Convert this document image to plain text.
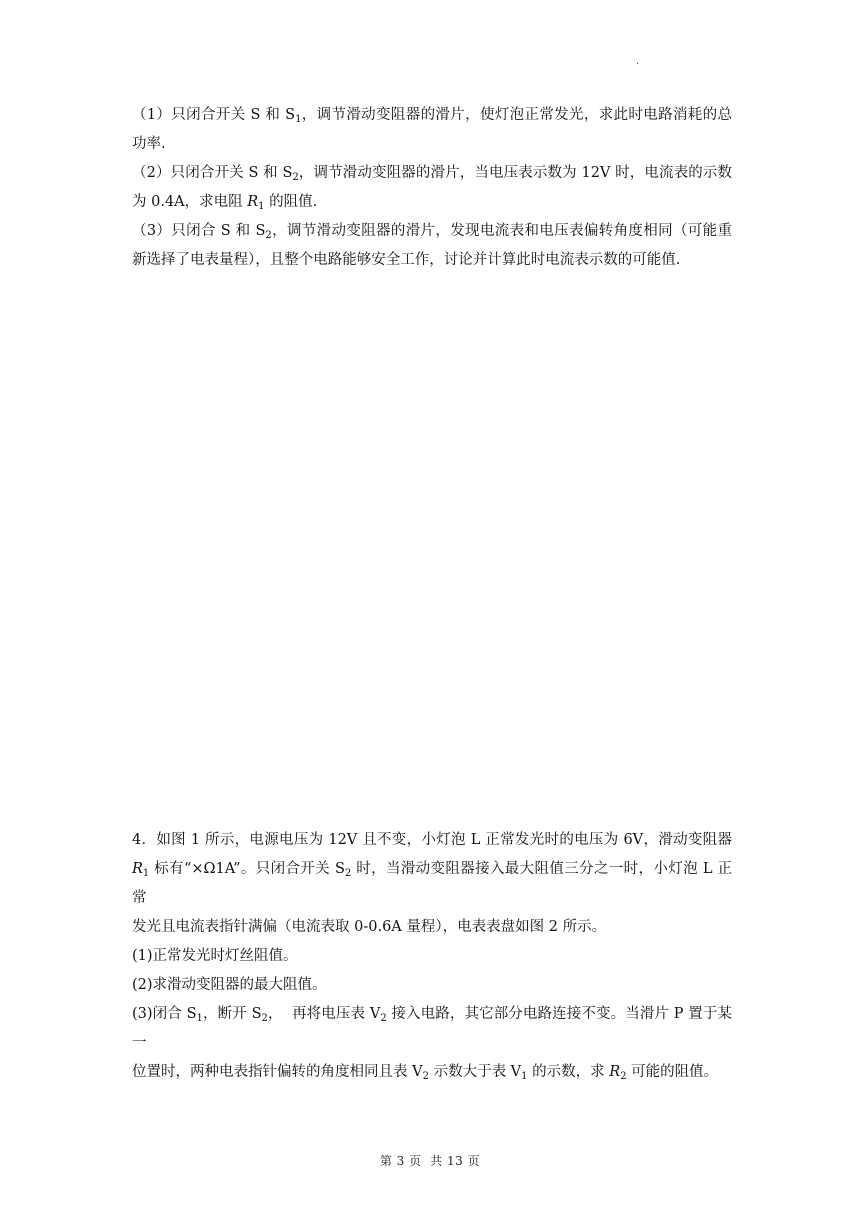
.
（1）只闭合开关 S 和 $S_1$，调节滑动变阻器的滑片，使灯泡正常发光，求此时电路消耗的总
功率.
（2）只闭合开关 S 和 $S_2$，调节滑动变阻器的滑片，当电压表示数为 12V 时，电流表的示数
为 0.4A，求电阻 $R_1$ 的阻值.
（3）只闭合 S 和 $S_2$，调节滑动变阻器的滑片，发现电流表和电压表偏转角度相同（可能重
新选择了电表量程），且整个电路能够安全工作，讨论并计算此时电流表示数的可能值.
4．如图 1 所示，电源电压为 12V 且不变，小灯泡 L 正常发光时的电压为 6V，滑动变阻器
$R_1$ 标有“×Ω1A”。只闭合开关 $S_2$ 时，当滑动变阻器接入最大阻值三分之一时，小灯泡 L 正常
发光且电流表指针满偏（电流表取 0-0.6A 量程），电表表盘如图 2 所示。
(1)正常发光时灯丝阻值。
(2)求滑动变阻器的最大阻值。
(3)闭合 $S_1$，断开 $S_2$，  再将电压表 $V_2$ 接入电路，其它部分电路连接不变。当滑片 P 置于某一
位置时，两种电表指针偏转的角度相同且表 $V_2$ 示数大于表 $V_1$ 的示数，求 $R_2$ 可能的阻值。
第 3 页  共 13 页
